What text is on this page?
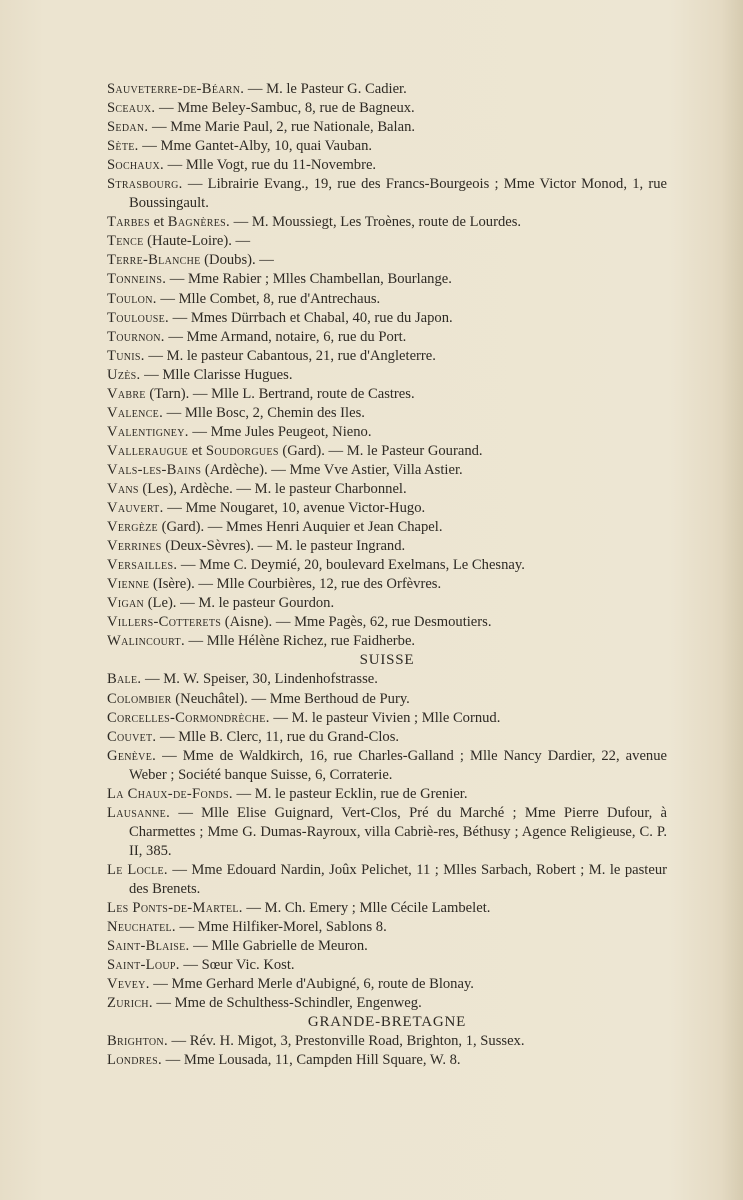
Sauveterre-de-Béarn. — M. le Pasteur G. Cadier.
Sceaux. — Mme Beley-Sambuc, 8, rue de Bagneux.
Sedan. — Mme Marie Paul, 2, rue Nationale, Balan.
Sète. — Mme Gantet-Alby, 10, quai Vauban.
Sochaux. — Mlle Vogt, rue du 11-Novembre.
Strasbourg. — Librairie Evang., 19, rue des Francs-Bourgeois ; Mme Victor Monod, 1, rue Boussingault.
Tarbes et Bagnères. — M. Moussiegt, Les Troènes, route de Lourdes.
Tence (Haute-Loire). —
Terre-Blanche (Doubs). —
Tonneins. — Mme Rabier ; Mlles Chambellan, Bourlange.
Toulon. — Mlle Combet, 8, rue d'Antrechaus.
Toulouse. — Mmes Dürrbach et Chabal, 40, rue du Japon.
Tournon. — Mme Armand, notaire, 6, rue du Port.
Tunis. — M. le pasteur Cabantous, 21, rue d'Angleterre.
Uzès. — Mlle Clarisse Hugues.
Vabre (Tarn). — Mlle L. Bertrand, route de Castres.
Valence. — Mlle Bosc, 2, Chemin des Iles.
Valentigney. — Mme Jules Peugeot, Nieno.
Valleraugue et Soudorgues (Gard). — M. le Pasteur Gourand.
Vals-les-Bains (Ardèche). — Mme Vve Astier, Villa Astier.
Vans (Les), Ardèche. — M. le pasteur Charbonnel.
Vauvert. — Mme Nougaret, 10, avenue Victor-Hugo.
Vergèze (Gard). — Mmes Henri Auquier et Jean Chapel.
Verrines (Deux-Sèvres). — M. le pasteur Ingrand.
Versailles. — Mme C. Deymié, 20, boulevard Exelmans, Le Chesnay.
Vienne (Isère). — Mlle Courbières, 12, rue des Orfèvres.
Vigan (Le). — M. le pasteur Gourdon.
Villers-Cotterets (Aisne). — Mme Pagès, 62, rue Desmoutiers.
Walincourt. — Mlle Hélène Richez, rue Faidherbe.
SUISSE
Bale. — M. W. Speiser, 30, Lindenhofstrasse.
Colombier (Neuchâtel). — Mme Berthoud de Pury.
Corcelles-Cormondrèche. — M. le pasteur Vivien ; Mlle Cornud.
Couvet. — Mlle B. Clerc, 11, rue du Grand-Clos.
Genève. — Mme de Waldkirch, 16, rue Charles-Galland ; Mlle Nancy Dardier, 22, avenue Weber ; Société banque Suisse, 6, Corraterie.
La Chaux-de-Fonds. — M. le pasteur Ecklin, rue de Grenier.
Lausanne. — Mlle Elise Guignard, Vert-Clos, Pré du Marché ; Mme Pierre Dufour, à Charmettes ; Mme G. Dumas-Rayroux, villa Cabriè-res, Béthusy ; Agence Religieuse, C. P. II, 385.
Le Locle. — Mme Edouard Nardin, Joûx Pelichet, 11 ; Mlles Sarbach, Robert ; M. le pasteur des Brenets.
Les Ponts-de-Martel. — M. Ch. Emery ; Mlle Cécile Lambelet.
Neuchatel. — Mme Hilfiker-Morel, Sablons 8.
Saint-Blaise. — Mlle Gabrielle de Meuron.
Saint-Loup. — Sœur Vic. Kost.
Vevey. — Mme Gerhard Merle d'Aubigné, 6, route de Blonay.
Zurich. — Mme de Schulthess-Schindler, Engenweg.
GRANDE-BRETAGNE
Brighton. — Rév. H. Migot, 3, Prestonville Road, Brighton, 1, Sussex.
Londres. — Mme Lousada, 11, Campden Hill Square, W. 8.
